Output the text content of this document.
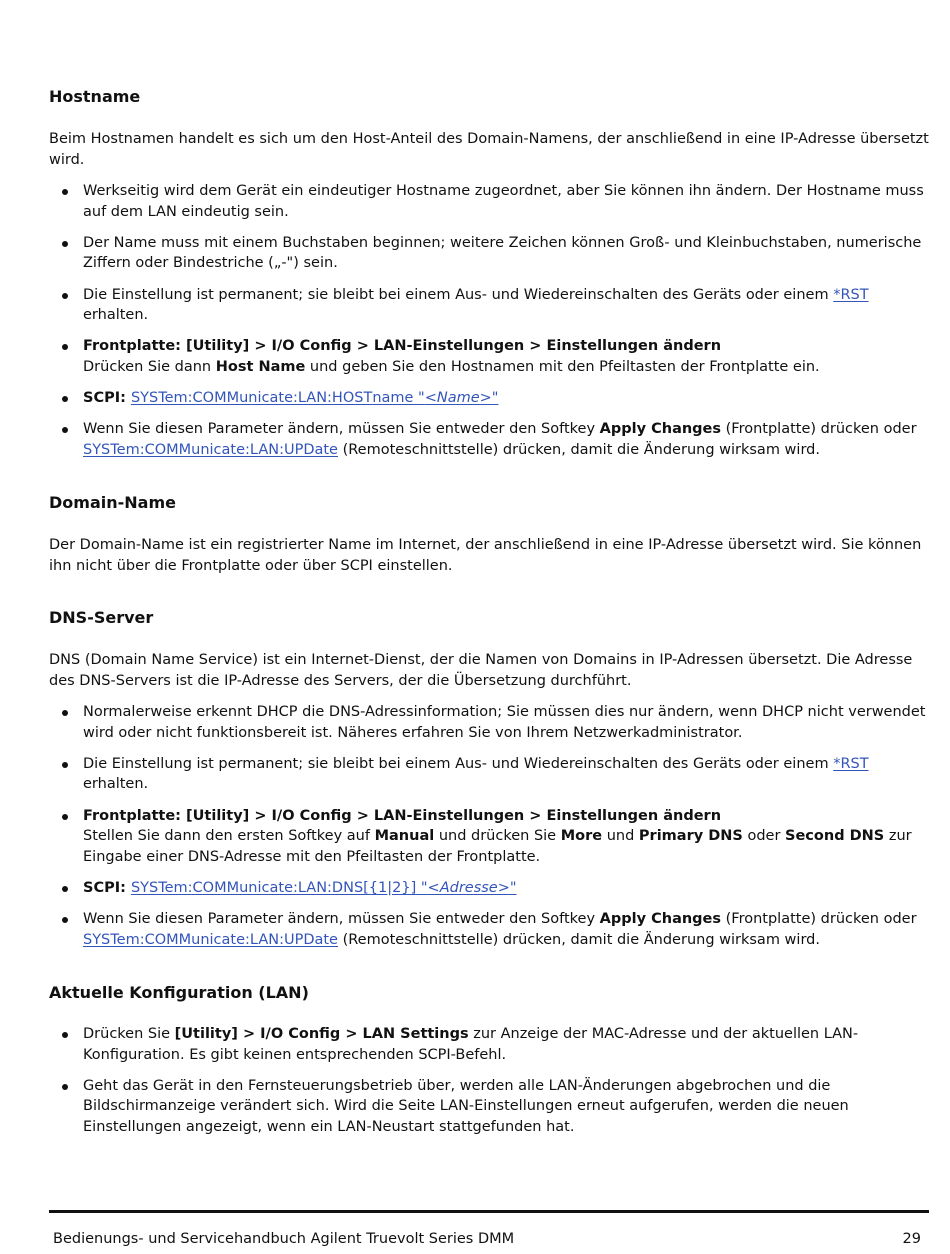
Hostname

Beim Hostnamen handelt es sich um den Host-Anteil des Domain-Namens, der anschließend in eine IP-Adresse übersetzt wird.

Werkseitig wird dem Gerät ein eindeutiger Hostname zugeordnet, aber Sie können ihn ändern. Der Hostname muss auf dem LAN eindeutig sein.
Der Name muss mit einem Buchstaben beginnen; weitere Zeichen können Groß- und Kleinbuchstaben, numerische Ziffern oder Bindestriche („-") sein.
Die Einstellung ist permanent; sie bleibt bei einem Aus- und Wiedereinschalten des Geräts oder einem *RST
erhalten.
Frontplatte: [Utility] > I/O Config > LAN-Einstellungen > Einstellungen ändern
Drücken Sie dann Host Name und geben Sie den Hostnamen mit den Pfeiltasten der Frontplatte ein.
SCPI: SYSTem:COMMunicate:LAN:HOSTname "<Name>"
Wenn Sie diesen Parameter ändern, müssen Sie entweder den Softkey Apply Changes (Frontplatte) drücken oder SYSTem:COMMunicate:LAN:UPDate (Remoteschnittstelle) drücken, damit die Änderung wirksam wird.
Domain-Name

Der Domain-Name ist ein registrierter Name im Internet, der anschließend in eine IP-Adresse übersetzt wird. Sie können ihn nicht über die Frontplatte oder über SCPI einstellen.

DNS-Server

DNS (Domain Name Service) ist ein Internet-Dienst, der die Namen von Domains in IP-Adressen übersetzt. Die Adresse des DNS-Servers ist die IP-Adresse des Servers, der die Übersetzung durchführt.

Normalerweise erkennt DHCP die DNS-Adressinformation; Sie müssen dies nur ändern, wenn DHCP nicht verwendet wird oder nicht funktionsbereit ist. Näheres erfahren Sie von Ihrem Netzwerkadministrator.
Die Einstellung ist permanent; sie bleibt bei einem Aus- und Wiedereinschalten des Geräts oder einem *RST
erhalten.
Frontplatte: [Utility] > I/O Config > LAN-Einstellungen > Einstellungen ändern
Stellen Sie dann den ersten Softkey auf Manual und drücken Sie More und Primary DNS oder Second DNS zur Eingabe einer DNS-Adresse mit den Pfeiltasten der Frontplatte.
SCPI: SYSTem:COMMunicate:LAN:DNS[{1|2}] "<Adresse>"
Wenn Sie diesen Parameter ändern, müssen Sie entweder den Softkey Apply Changes (Frontplatte) drücken oder SYSTem:COMMunicate:LAN:UPDate (Remoteschnittstelle) drücken, damit die Änderung wirksam wird.
Aktuelle Konfiguration (LAN)
Drücken Sie [Utility] > I/O Config > LAN Settings zur Anzeige der MAC-Adresse und der aktuellen LAN-Konfiguration. Es gibt keinen entsprechenden SCPI-Befehl.
Geht das Gerät in den Fernsteuerungsbetrieb über, werden alle LAN-Änderungen abgebrochen und die Bildschirmanzeige verändert sich. Wird die Seite LAN-Einstellungen erneut aufgerufen, werden die neuen Einstellungen angezeigt, wenn ein LAN-Neustart stattgefunden hat.
Bedienungs- und Servicehandbuch Agilent Truevolt Series DMM	29
